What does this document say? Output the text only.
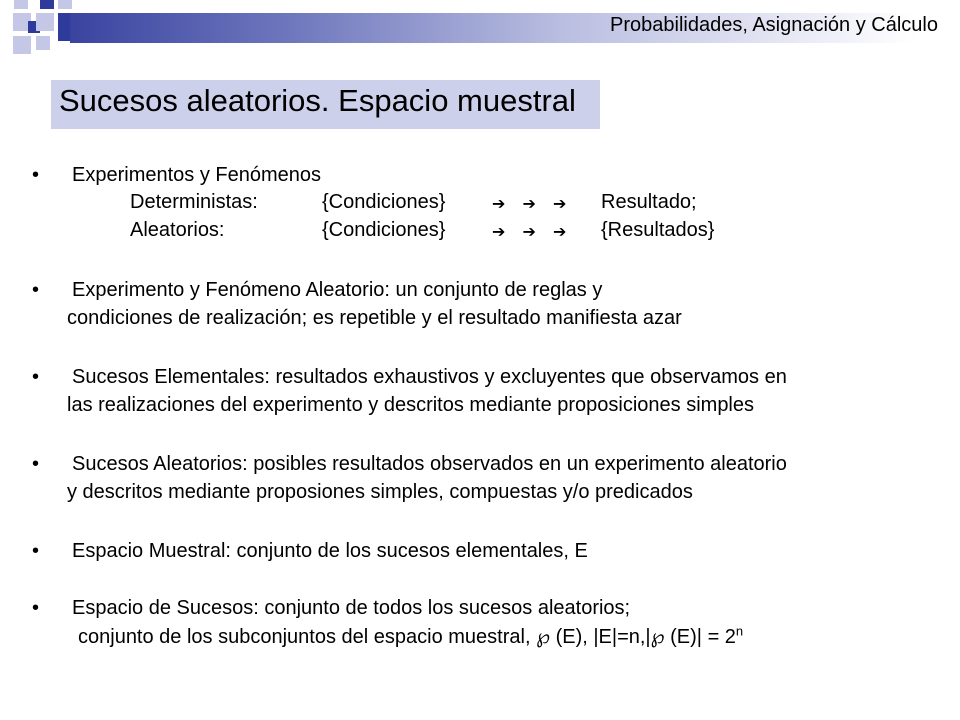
Probabilidades, Asignación y Cálculo
Sucesos aleatorios. Espacio muestral
• Experimentos y Fenómenos
Deterministas:	{Condiciones}	➔ ➔ ➔ Resultado;
Aleatorios:	{Condiciones}	➔ ➔ ➔ {Resultados}
• Experimento y Fenómeno Aleatorio: un conjunto de reglas y
condiciones de realización; es repetible y el resultado manifiesta azar
• Sucesos Elementales: resultados exhaustivos y excluyentes que observamos en
las realizaciones del experimento y descritos mediante proposiciones simples
• Sucesos Aleatorios: posibles resultados observados en un experimento aleatorio
y descritos mediante proposiones simples, compuestas y/o predicados
• Espacio Muestral: conjunto de los sucesos elementales, E
• Espacio de Sucesos: conjunto de todos los sucesos aleatorios;
conjunto de los subconjuntos del espacio muestral, ℘ (E), |E|=n,|℘ $(E)| = 2^n$
